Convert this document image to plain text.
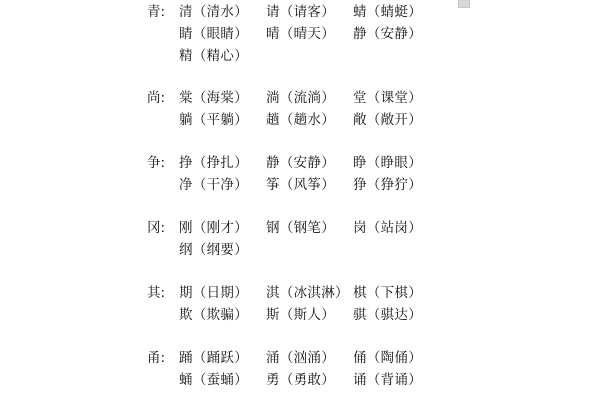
青: 清（清水） 请（请客） 蜻（蜻蜓）
睛（眼睛） 晴（晴天） 静（安静）
精（精心）
尚: 棠（海棠） 淌（流淌） 堂（课堂）
躺（平躺） 趟（趟水） 敞（敞开）
争: 挣（挣扎） 静（安静） 睁（睁眼）
净（干净） 筝（风筝） 狰（狰狞）
冈: 刚（刚才） 钢（钢笔） 岗（站岗）
纲（纲要）
其: 期（日期） 淇（冰淇淋） 棋（下棋）
欺（欺骗） 斯（斯人） 骐（骐达）
甬: 踊（踊跃） 涌（汹涌） 俑（陶俑）
蛹（蚕蛹） 勇（勇敢） 诵（背诵）
